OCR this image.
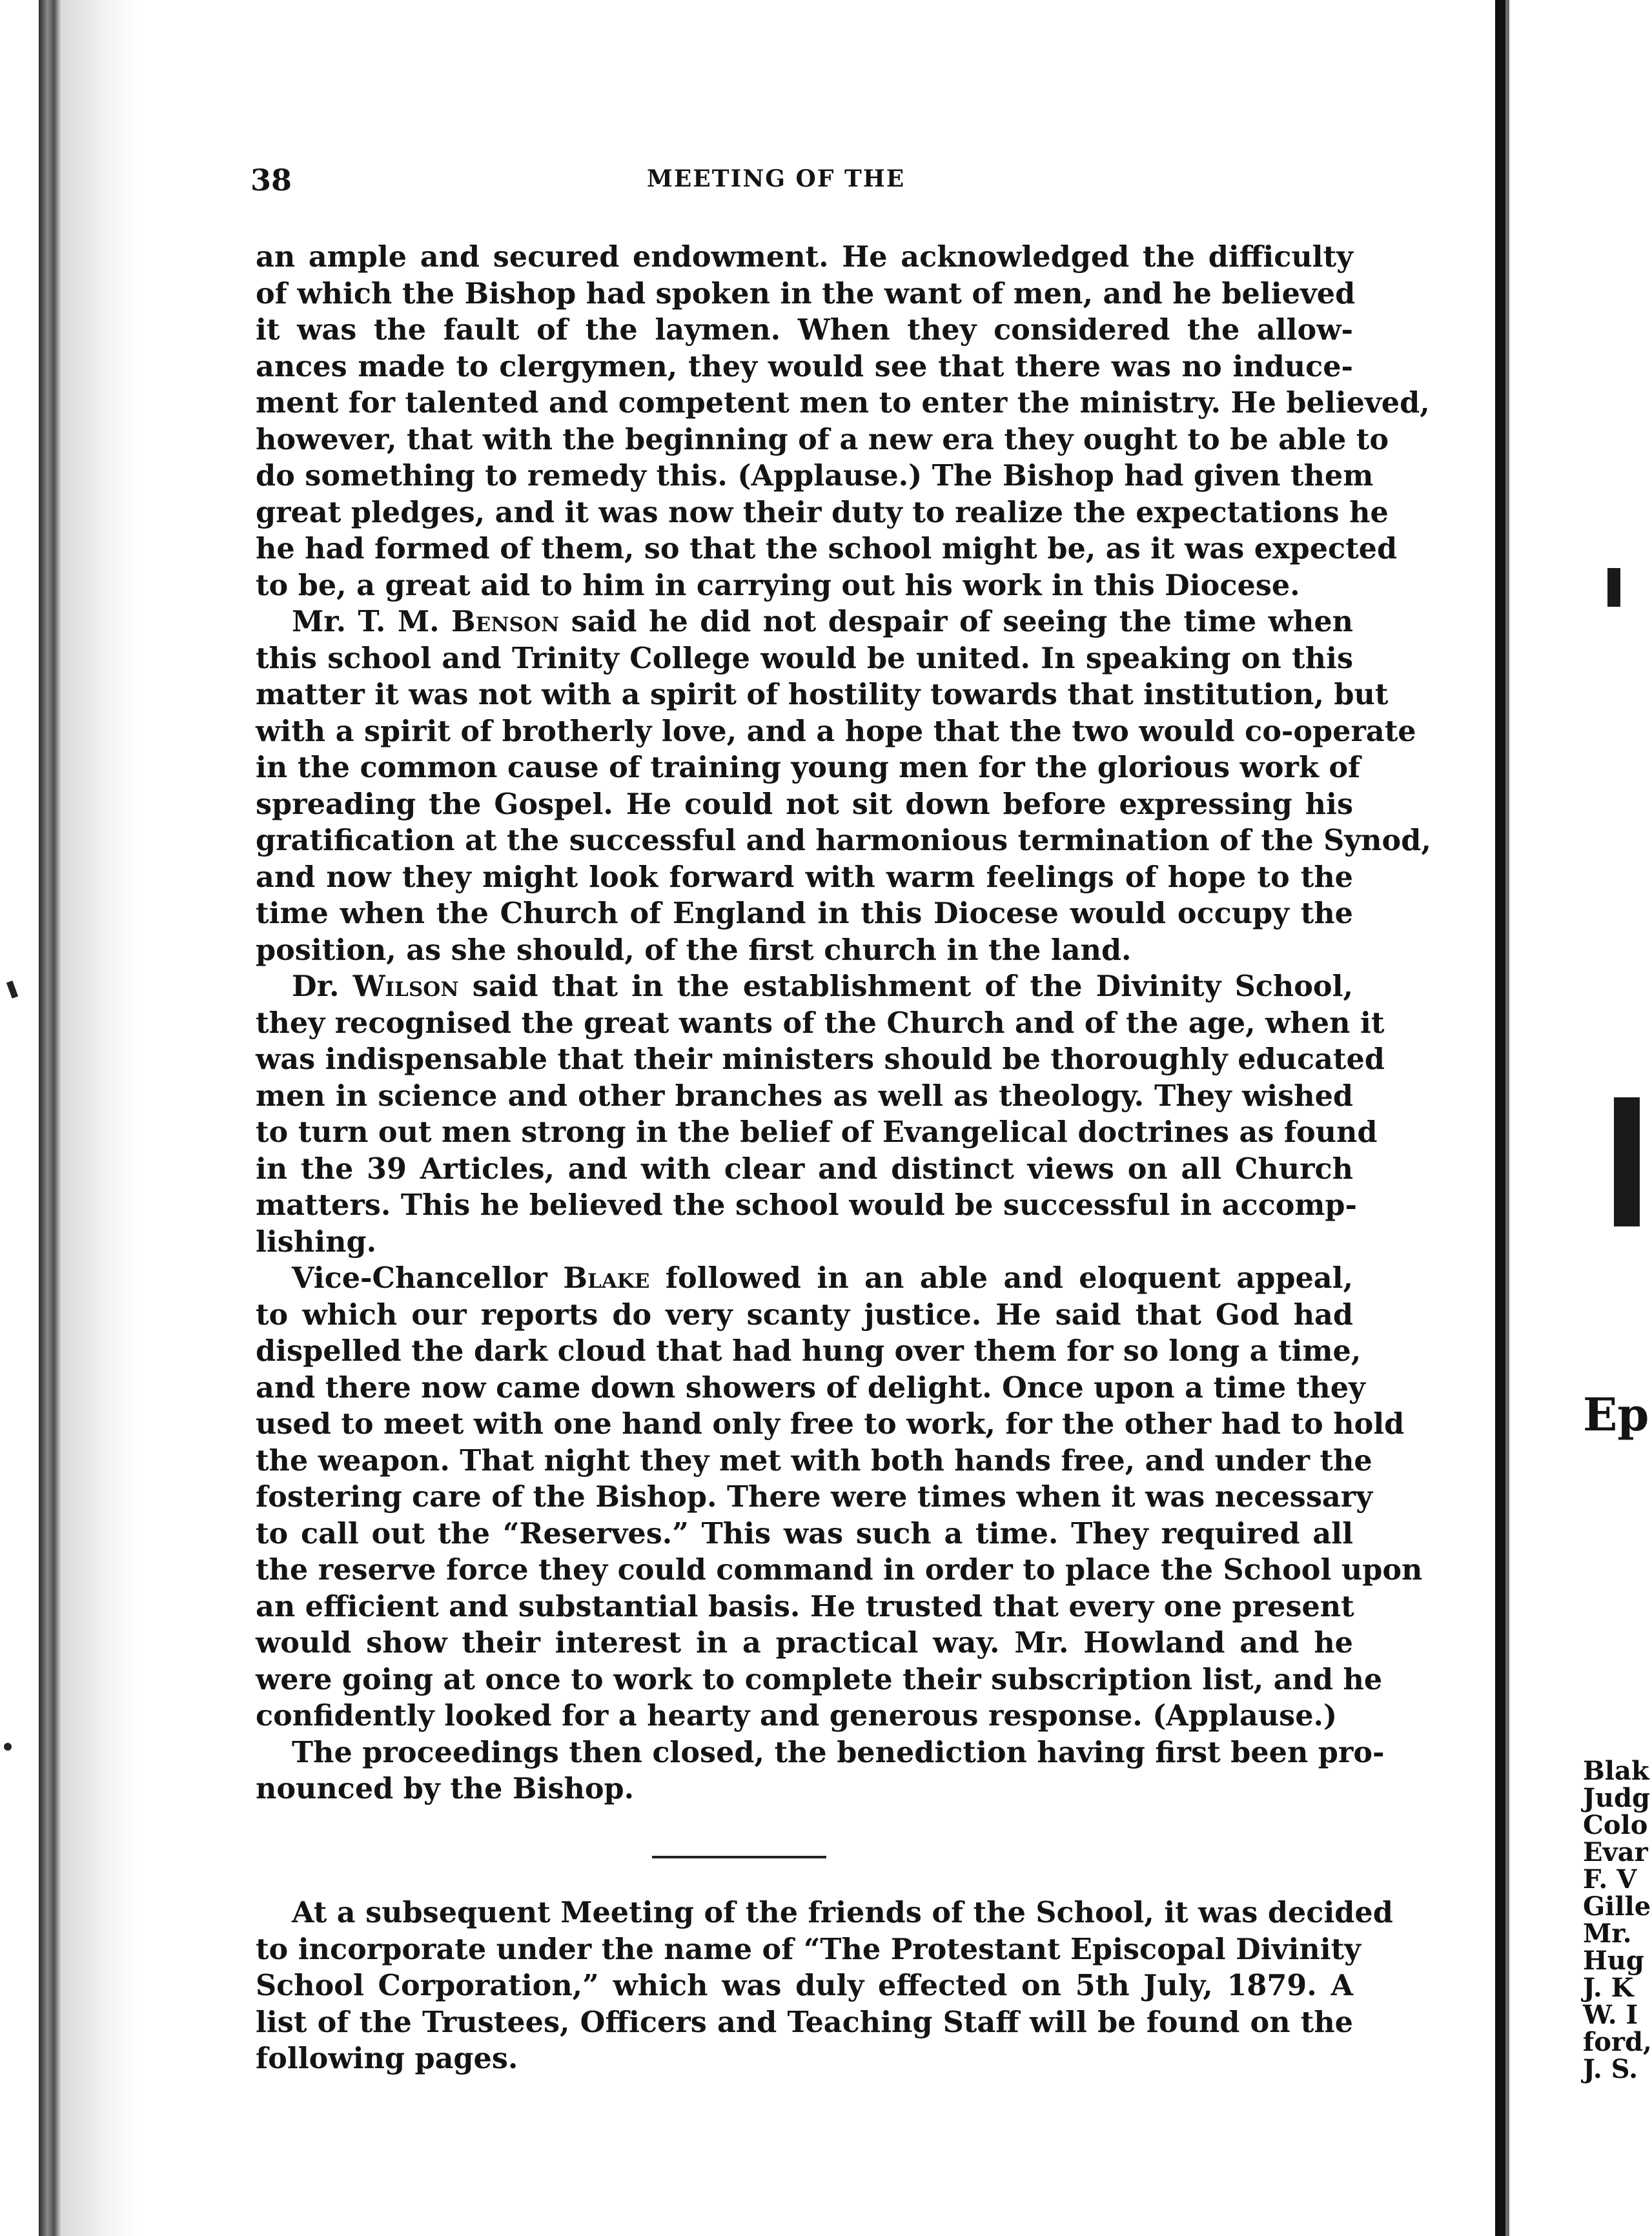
38	MEETING OF THE
an ample and secured endowment. He acknowledged the difficulty
of which the Bishop had spoken in the want of men, and he believed
it was the fault of the laymen. When they considered the allow-
ances made to clergymen, they would see that there was no induce-
ment for talented and competent men to enter the ministry. He believed,
however, that with the beginning of a new era they ought to be able to
do something to remedy this. (Applause.) The Bishop had given them
great pledges, and it was now their duty to realize the expectations he
he had formed of them, so that the school might be, as it was expected
to be, a great aid to him in carrying out his work in this Diocese.
Mr. T. M. Benson said he did not despair of seeing the time when
this school and Trinity College would be united. In speaking on this
matter it was not with a spirit of hostility towards that institution, but
with a spirit of brotherly love, and a hope that the two would co-operate
in the common cause of training young men for the glorious work of
spreading the Gospel. He could not sit down before expressing his
gratification at the successful and harmonious termination of the Synod,
and now they might look forward with warm feelings of hope to the
time when the Church of England in this Diocese would occupy the
position, as she should, of the first church in the land.
Dr. Wilson said that in the establishment of the Divinity School,
they recognised the great wants of the Church and of the age, when it
was indispensable that their ministers should be thoroughly educated
men in science and other branches as well as theology. They wished
to turn out men strong in the belief of Evangelical doctrines as found
in the 39 Articles, and with clear and distinct views on all Church
matters. This he believed the school would be successful in accomp-
lishing.
Vice-Chancellor Blake followed in an able and eloquent appeal,
to which our reports do very scanty justice. He said that God had
dispelled the dark cloud that had hung over them for so long a time,
and there now came down showers of delight. Once upon a time they
used to meet with one hand only free to work, for the other had to hold
the weapon. That night they met with both hands free, and under the
fostering care of the Bishop. There were times when it was necessary
to call out the “Reserves.” This was such a time. They required all
the reserve force they could command in order to place the School upon
an efficient and substantial basis. He trusted that every one present
would show their interest in a practical way. Mr. Howland and he
were going at once to work to complete their subscription list, and he
confidently looked for a hearty and generous response. (Applause.)
The proceedings then closed, the benediction having first been pro-
nounced by the Bishop.
At a subsequent Meeting of the friends of the School, it was decided
to incorporate under the name of “The Protestant Episcopal Divinity
School Corporation,” which was duly effected on 5th July, 1879. A
list of the Trustees, Officers and Teaching Staff will be found on the
following pages.
Ep
Blak
Judg
Colo
Evar
F. V
Gille
Mr.
Hug
J. K
W. I
ford,
J. S.
